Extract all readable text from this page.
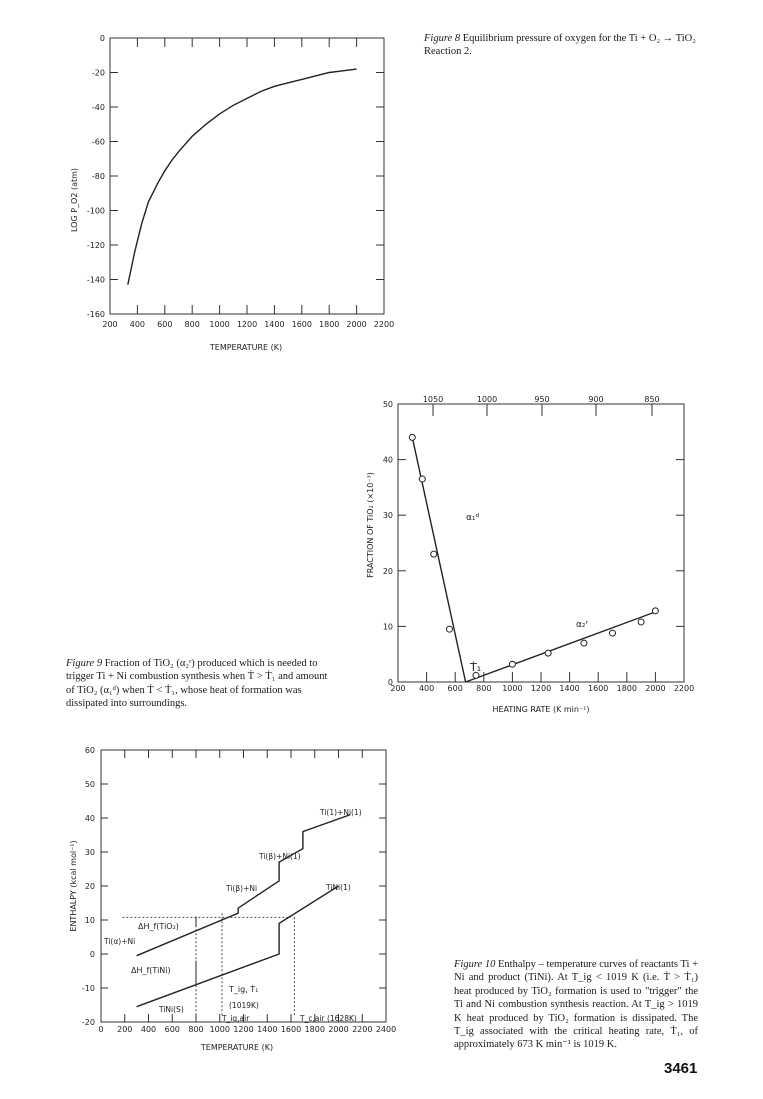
200 400 600 800 1000 1200 1400 1600 1800 2000 2200
0
-20
-40
-60
-80
-100
-120
-140
-160
TEMPERATURE (K)
LOG P_O2 (atm)
Figure 8 Equilibrium pressure of oxygen for the Ti + O₂ → TiO₂ Reaction 2.
200 400 600 800 1000 1200 1400 1600 1800 2000 2200
0
10
20
30
40
50
1050	1000	950	900	850
α₁ᵈ
α₂ʳ
Ṫ₁
HEATING RATE (K min⁻¹)
FRACTION OF TiO₂ (×10⁻³)
Figure 9 Fraction of TiO₂ (α₂ʳ) produced which is needed to trigger Ti + Ni combustion synthesis when Ṫ > Ṫ₁ and amount of TiO₂ (α₁ᵈ) when Ṫ < Ṫ₁, whose heat of formation was dissipated into surroundings.
0 200 400 600 800 1000 1200 1400 1600 1800 2000 2200 2400
-20
-10
0
10
20
30
40
50
60
Ti(α)+Ni
Ti(β)+Ni
Ti(β)+Ni(1)
Ti(1)+Ni(1)
TiNi(1)
TiNi(S)
ΔH_f(TiO₂)
ΔH_f(TiNi)
T_ig, Ṫ₁
(1019K)
T_ig,air	T_c,air (1628K)
TEMPERATURE (K)
ENTHALPY (kcal mol⁻¹)
Figure 10 Enthalpy – temperature curves of reactants Ti + Ni and product (TiNi). At T_ig < 1019 K (i.e. Ṫ > Ṫ₁) heat produced by TiO₂ formation is used to "trigger" the Ti and Ni combustion synthesis reaction. At T_ig > 1019 K heat produced by TiO₂ formation is dissipated. The T_ig associated with the critical heating rate, Ṫ₁, of approximately 673 K min⁻¹ is 1019 K.
3461
